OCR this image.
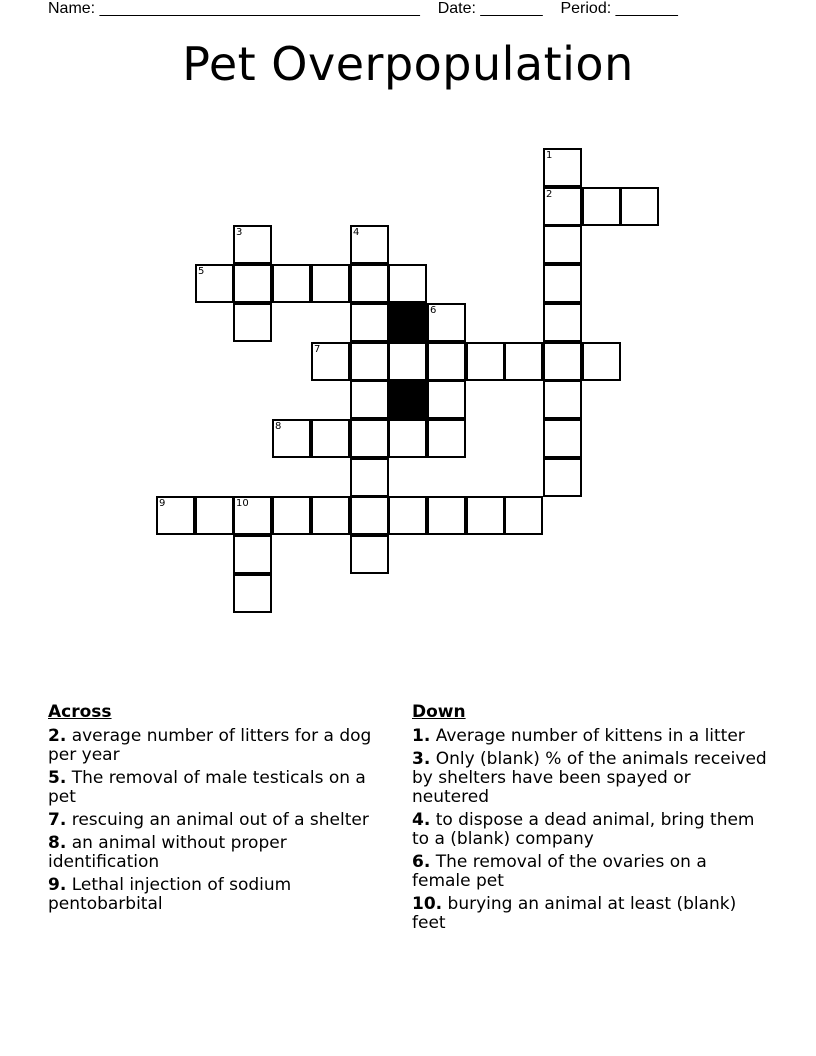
Name: ____________________________________ Date: _______ Period: _______
Pet Overpopulation
1
2
3	4
5
6
7
8
9	10
Across
2. average number of litters for a dog per year
5. The removal of male testicals on a pet
7. rescuing an animal out of a shelter
8. an animal without proper identification
9. Lethal injection of sodium pentobarbital
Down
1. Average number of kittens in a litter
3. Only (blank) % of the animals received by shelters have been spayed or neutered
4. to dispose a dead animal, bring them to a (blank) company
6. The removal of the ovaries on a female pet
10. burying an animal at least (blank) feet
